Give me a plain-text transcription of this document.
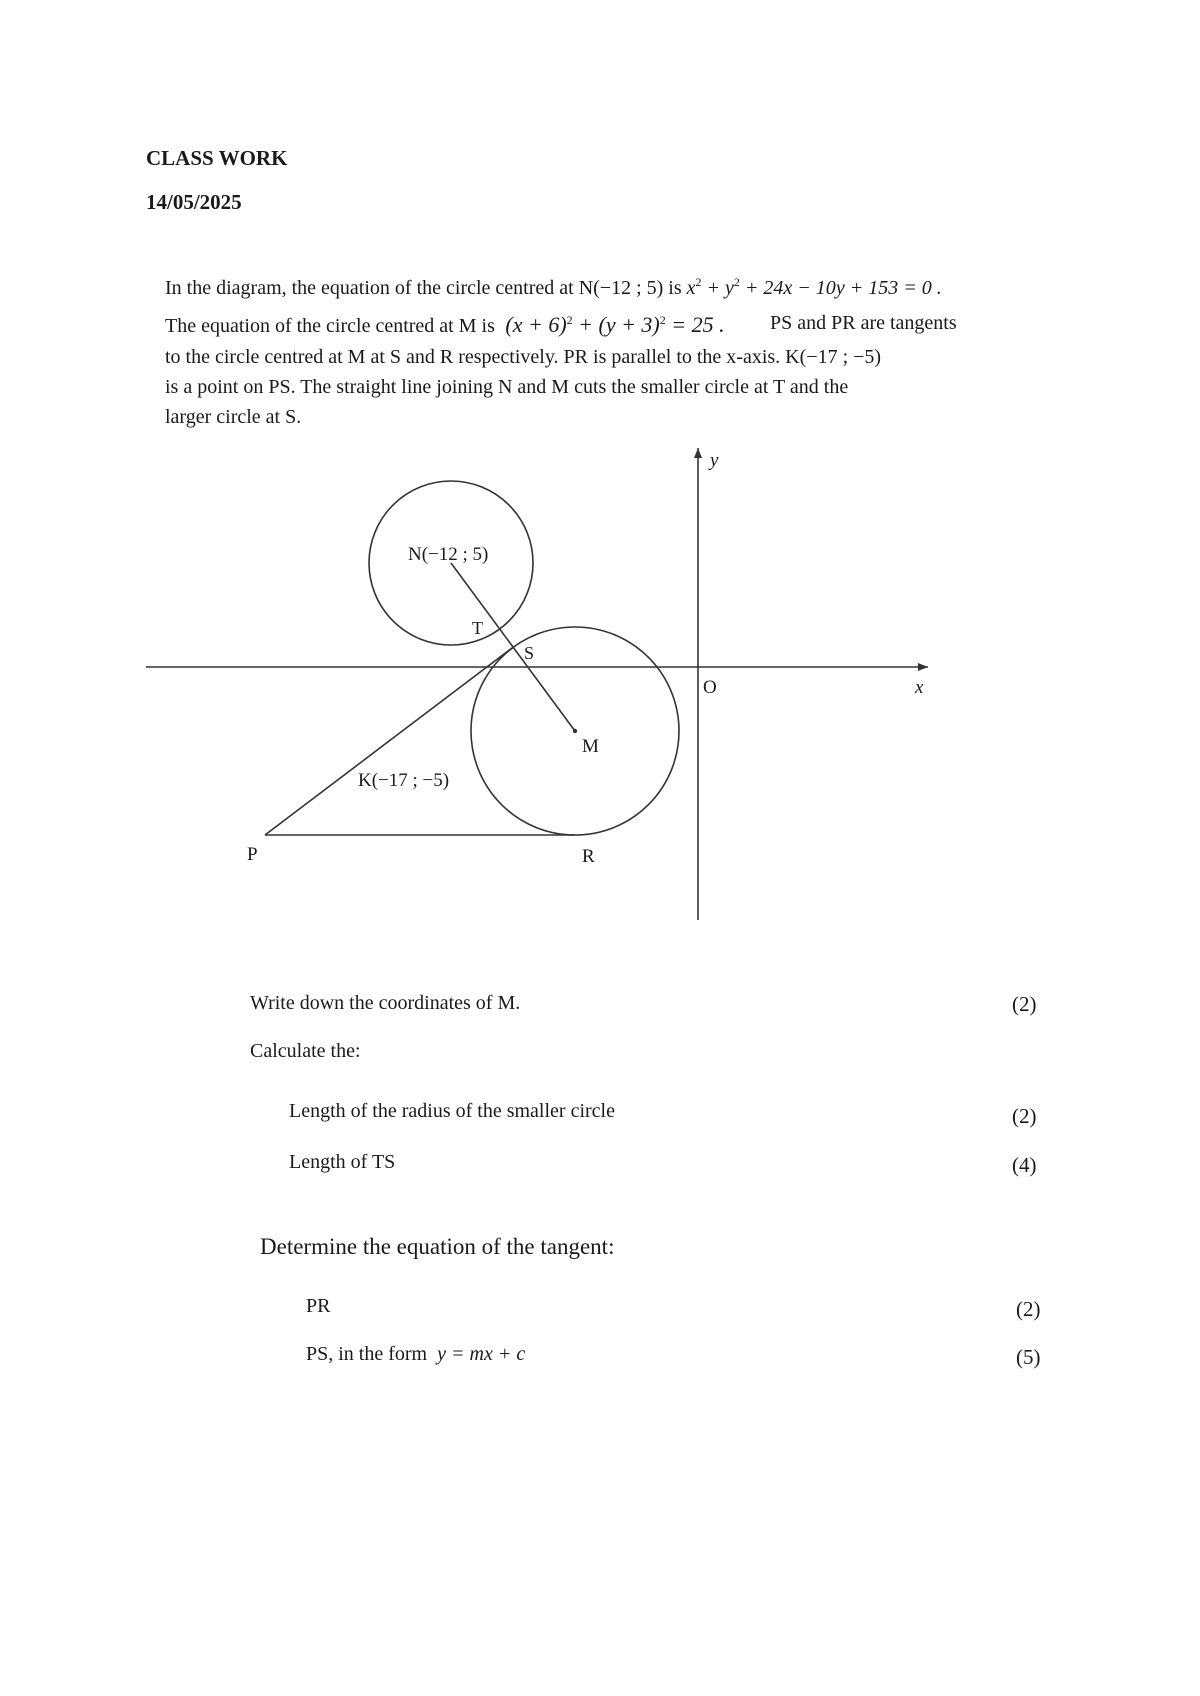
CLASS WORK
14/05/2025
In the diagram, the equation of the circle centred at N(−12 ; 5) is $x^2 + y^2 + 24x - 10y + 153 = 0$ .
The equation of the circle centred at M is $(x + 6)^2 + (y + 3)^2 = 25$ . PS and PR are tangents
to the circle centred at M at S and R respectively. PR is parallel to the x-axis. K(−17 ; −5)
is a point on PS. The straight line joining N and M cuts the smaller circle at T and the
larger circle at S.
N(−12 ; 5)
T
S
M
K(−17 ; −5)
P	R
O	x
y
Write down the coordinates of M.	(2)
Calculate the:
Length of the radius of the smaller circle	(2)
Length of TS	(4)
Determine the equation of the tangent:
PR	(2)
PS, in the form y = mx + c	(5)
